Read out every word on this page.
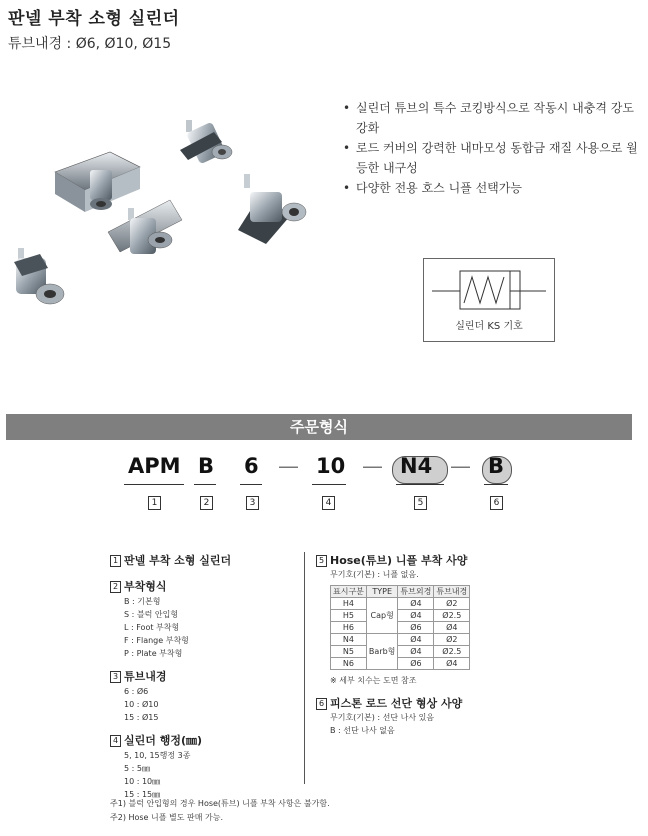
판넬 부착 소형 실린더
튜브내경 : Ø6, Ø10, Ø15
• 실린더 튜브의 특수 코킹방식으로 작동시 내충격 강도 강화
• 로드 커버의 강력한 내마모성 동합금 재질 사용으로 월등한 내구성
• 다양한 전용 호스 니플 선택가능
실린더 KS 기호
주문형식
APM B 6 — 10 — N4 — B
1	2	3	4	5	6
1 판넬 부착 소형 실린더
2 부착형식
B : 기본형
S : 블럭 안입형
L : Foot 부착형
F : Flange 부착형
P : Plate 부착형
3 튜브내경
6 : Ø6
10 : Ø10
15 : Ø15
4 실린더 행정(㎜)
5, 10, 15행정 3종
5 : 5㎜
10 : 10㎜
15 : 15㎜
5 Hose(튜브) 니플 부착 사양
무기호(기본) : 니플 없음.
표시구분	TYPE	튜브외경	튜브내경
H4	Cap형	Ø4	Ø2
H5		Ø4	Ø2.5
H6		Ø6	Ø4
N4	Barb형	Ø4	Ø2
N5		Ø4	Ø2.5
N6		Ø6	Ø4
※ 세부 치수는 도면 참조
6 피스톤 로드 선단 형상 사양
무기호(기본) : 선단 나사 있음
B : 선단 나사 없음
주1) 블럭 안입형의 경우 Hose(튜브) 니플 부착 사항은 불가함.
주2) Hose 니플 별도 판매 가능.
